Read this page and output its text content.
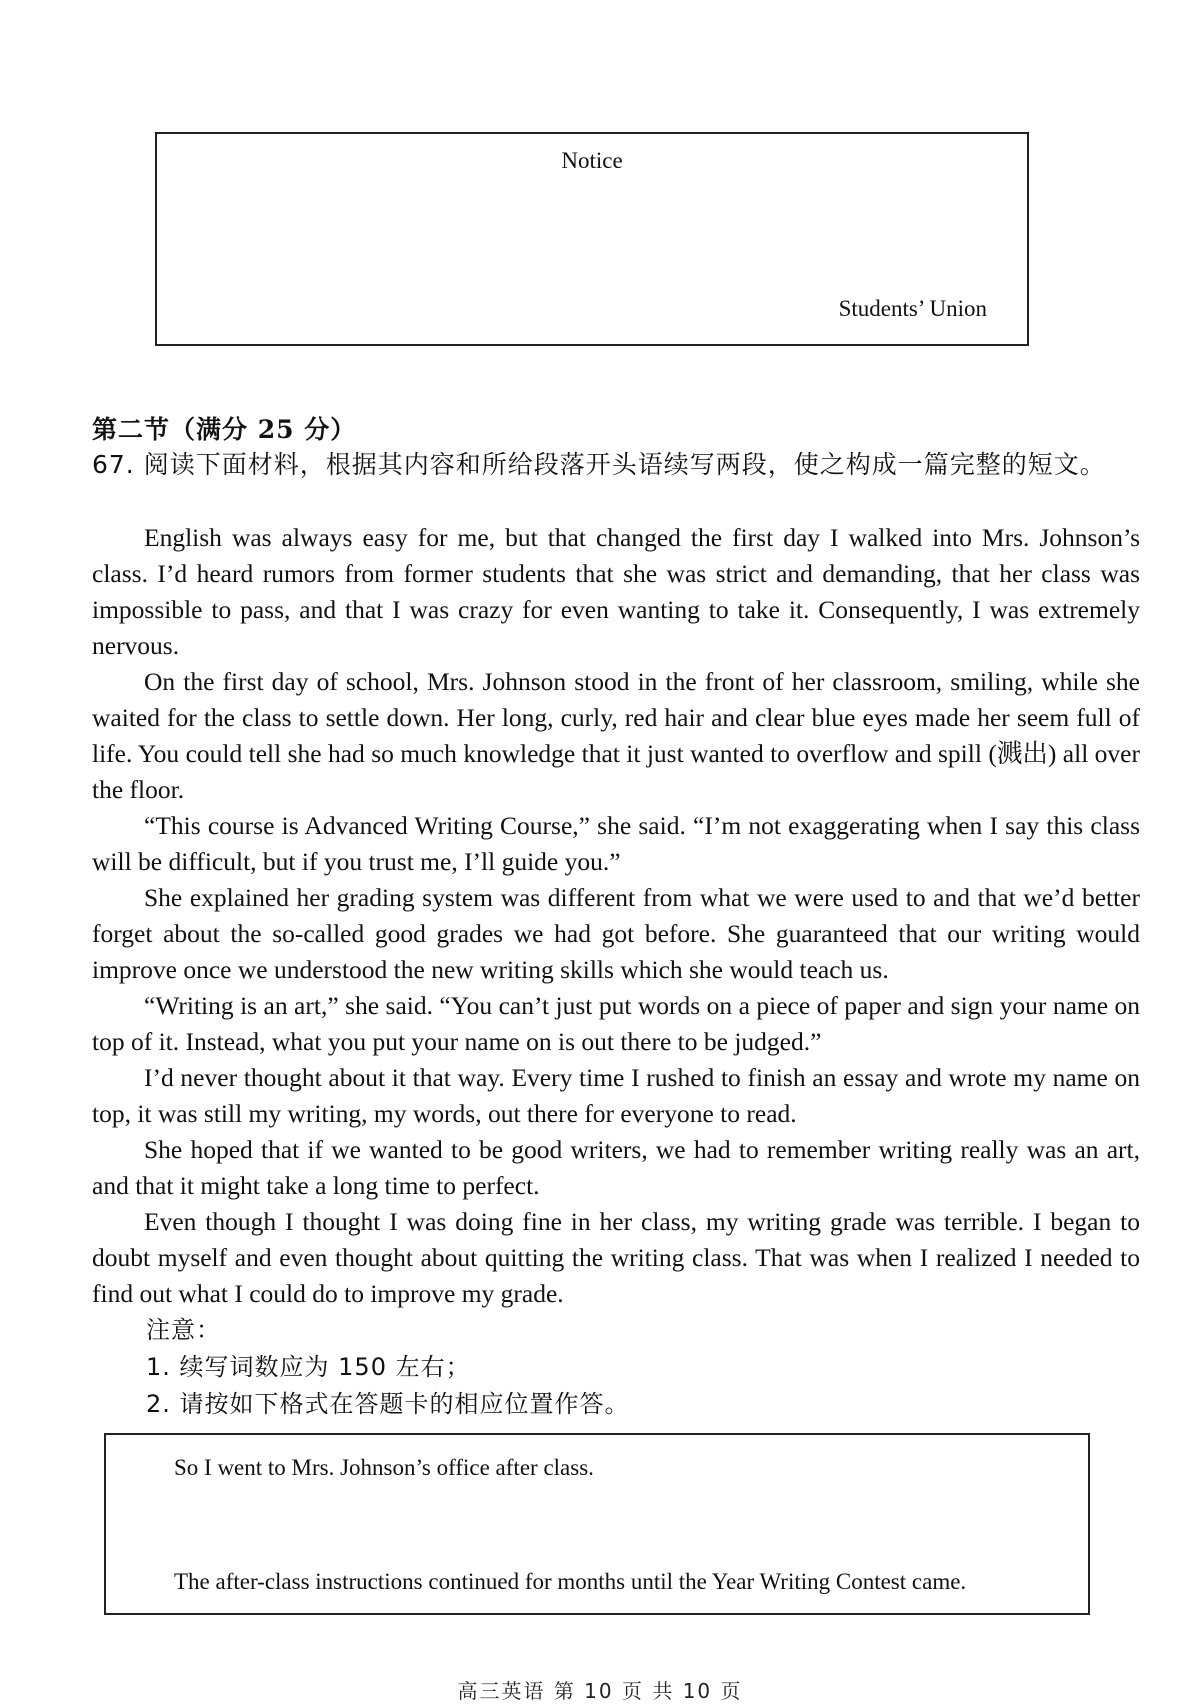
Notice
Students’ Union
第二节（满分 25 分）
67. 阅读下面材料，根据其内容和所给段落开头语续写两段，使之构成一篇完整的短文。

English was always easy for me, but that changed the first day I walked into Mrs. Johnson’s class. I’d heard rumors from former students that she was strict and demanding, that her class was impossible to pass, and that I was crazy for even wanting to take it. Consequently, I was extremely nervous.

On the first day of school, Mrs. Johnson stood in the front of her classroom, smiling, while she waited for the class to settle down. Her long, curly, red hair and clear blue eyes made her seem full of life. You could tell she had so much knowledge that it just wanted to overflow and spill (溅出) all over the floor.

“This course is Advanced Writing Course,” she said. “I’m not exaggerating when I say this class will be difficult, but if you trust me, I’ll guide you.”

She explained her grading system was different from what we were used to and that we’d better forget about the so-called good grades we had got before. She guaranteed that our writing would improve once we understood the new writing skills which she would teach us.

“Writing is an art,” she said. “You can’t just put words on a piece of paper and sign your name on top of it. Instead, what you put your name on is out there to be judged.”

I’d never thought about it that way. Every time I rushed to finish an essay and wrote my name on top, it was still my writing, my words, out there for everyone to read.

She hoped that if we wanted to be good writers, we had to remember writing really was an art, and that it might take a long time to perfect.

Even though I thought I was doing fine in her class, my writing grade was terrible. I began to doubt myself and even thought about quitting the writing class. That was when I realized I needed to find out what I could do to improve my grade.

注意：
1. 续写词数应为 150 左右；
2. 请按如下格式在答题卡的相应位置作答。
So I went to Mrs. Johnson’s office after class.
The after-class instructions continued for months until the Year Writing Contest came.
高三英语 第 10 页 共 10 页
